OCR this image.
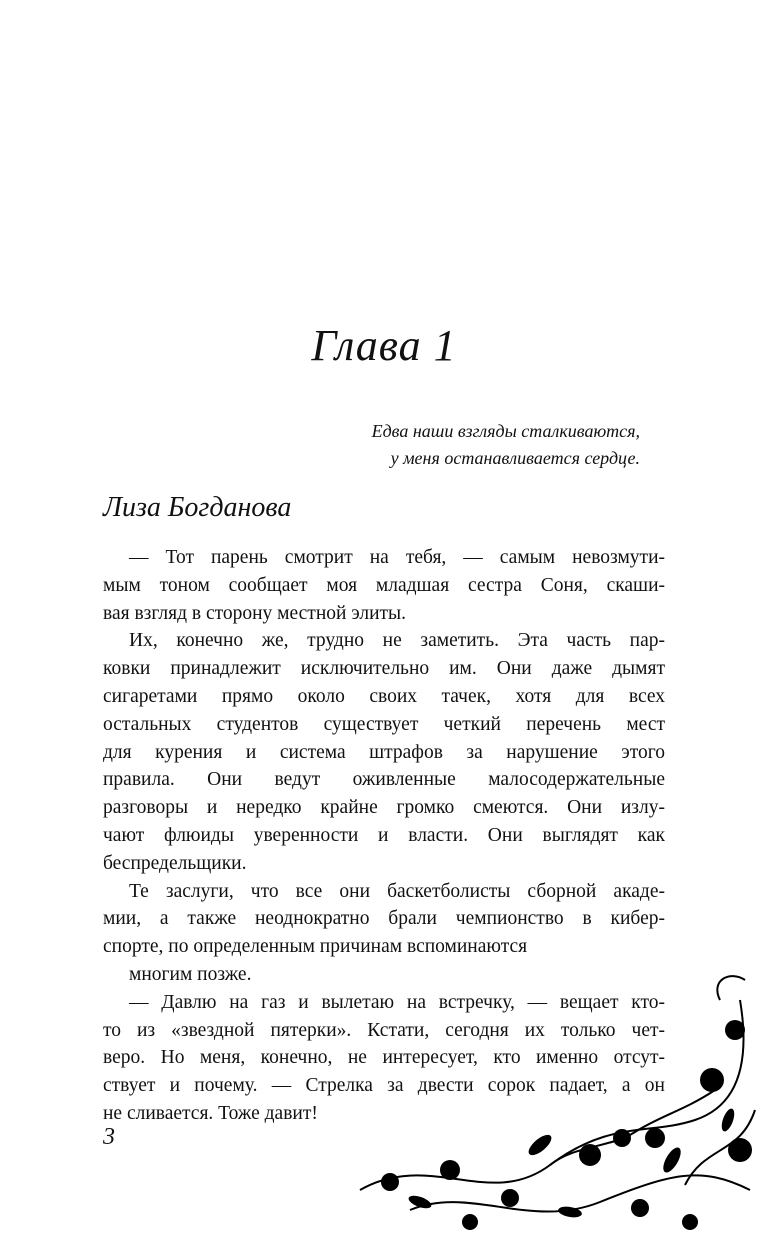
Глава 1
Едва наши взгляды сталкиваются,
у меня останавливается сердце.
Лиза Богданова
— Тот парень смотрит на тебя, — самым невозмути-
мым тоном сообщает моя младшая сестра Соня, скаши-
вая взгляд в сторону местной элиты.
Их, конечно же, трудно не заметить. Эта часть пар-
ковки принадлежит исключительно им. Они даже дымят
сигаретами прямо около своих тачек, хотя для всех
остальных студентов существует четкий перечень мест
для курения и система штрафов за нарушение этого
правила. Они ведут оживленные малосодержательные
разговоры и нередко крайне громко смеются. Они излу-
чают флюиды уверенности и власти. Они выглядят как
беспредельщики.
Те заслуги, что все они баскетболисты сборной акаде-
мии, а также неоднократно брали чемпионство в кибер-
спорте, по определенным причинам вспоминаются
многим позже.
— Давлю на газ и вылетаю на встречку, — вещает кто-
то из «звездной пятерки». Кстати, сегодня их только чет-
веро. Но меня, конечно, не интересует, кто именно отсут-
ствует и почему. — Стрелка за двести сорок падает, а он
не сливается. Тоже давит!
3
